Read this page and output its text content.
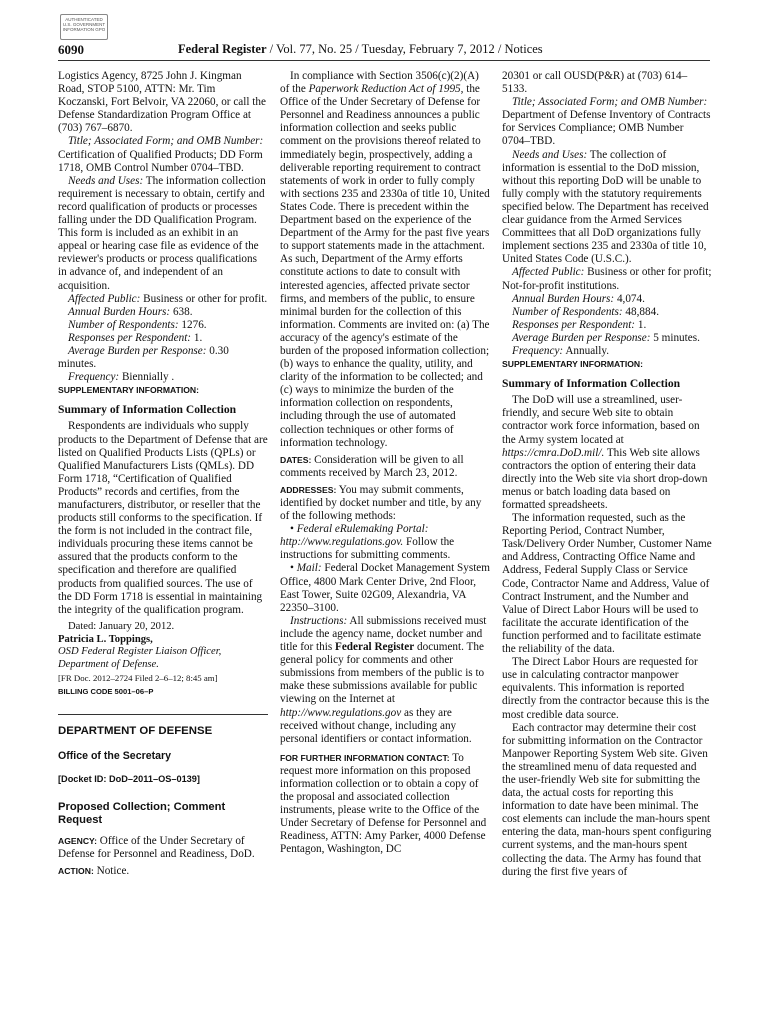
AUTHENTICATED U.S. GOVERNMENT INFORMATION GPO
6090	Federal Register / Vol. 77, No. 25 / Tuesday, February 7, 2012 / Notices

Logistics Agency, 8725 John J. Kingman Road, STOP 5100, ATTN: Mr. Tim Koczanski, Fort Belvoir, VA 22060, or call the Defense Standardization Program Office at (703) 767–6870.

Title; Associated Form; and OMB Number: Certification of Qualified Products; DD Form 1718, OMB Control Number 0704–TBD.

Needs and Uses: The information collection requirement is necessary to obtain, certify and record qualification of products or processes falling under the DD Qualification Program. This form is included as an exhibit in an appeal or hearing case file as evidence of the reviewer's products or process qualifications in advance of, and independent of an acquisition.

Affected Public: Business or other for profit.

Annual Burden Hours: 638.

Number of Respondents: 1276.

Responses per Respondent: 1.

Average Burden per Response: 0.30 minutes.

Frequency: Biennially .

SUPPLEMENTARY INFORMATION:

Summary of Information Collection

Respondents are individuals who supply products to the Department of Defense that are listed on Qualified Products Lists (QPLs) or Qualified Manufacturers Lists (QMLs). DD Form 1718, “Certification of Qualified Products” records and certifies, from the manufacturers, distributor, or reseller that the products still conforms to the specification. If the form is not included in the contract file, individuals procuring these items cannot be assured that the products conform to the specification and therefore are qualified products from qualified sources. The use of the DD Form 1718 is essential in maintaining the integrity of the qualification program.

Dated: January 20, 2012.

Patricia L. Toppings,

OSD Federal Register Liaison Officer, Department of Defense.

[FR Doc. 2012–2724 Filed 2–6–12; 8:45 am]

BILLING CODE 5001–06–P

DEPARTMENT OF DEFENSE

Office of the Secretary

[Docket ID: DoD–2011–OS–0139]

Proposed Collection; Comment Request

AGENCY: Office of the Under Secretary of Defense for Personnel and Readiness, DoD.

ACTION: Notice.

In compliance with Section 3506(c)(2)(A) of the Paperwork Reduction Act of 1995, the Office of the Under Secretary of Defense for Personnel and Readiness announces a public information collection and seeks public comment on the provisions thereof related to immediately begin, prospectively, adding a deliverable reporting requirement to contract statements of work in order to fully comply with sections 235 and 2330a of title 10, United States Code. There is precedent within the Department based on the experience of the Department of the Army for the past five years to support statements made in the attachment. As such, Department of the Army efforts constitute actions to date to consult with interested agencies, affected private sector firms, and members of the public, to ensure minimal burden for the collection of this information. Comments are invited on: (a) The accuracy of the agency's estimate of the burden of the proposed information collection; (b) ways to enhance the quality, utility, and clarity of the information to be collected; and (c) ways to minimize the burden of the information collection on respondents, including through the use of automated collection techniques or other forms of information technology.

DATES: Consideration will be given to all comments received by March 23, 2012.

ADDRESSES: You may submit comments, identified by docket number and title, by any of the following methods:

• Federal eRulemaking Portal: http://www.regulations.gov. Follow the instructions for submitting comments.

• Mail: Federal Docket Management System Office, 4800 Mark Center Drive, 2nd Floor, East Tower, Suite 02G09, Alexandria, VA 22350–3100.

Instructions: All submissions received must include the agency name, docket number and title for this Federal Register document. The general policy for comments and other submissions from members of the public is to make these submissions available for public viewing on the Internet at http://www.regulations.gov as they are received without change, including any personal identifiers or contact information.

FOR FURTHER INFORMATION CONTACT: To request more information on this proposed information collection or to obtain a copy of the proposal and associated collection instruments, please write to the Office of the Under Secretary of Defense for Personnel and Readiness, ATTN: Amy Parker, 4000 Defense Pentagon, Washington, DC

20301 or call OUSD(P&R) at (703) 614–5133.

Title; Associated Form; and OMB Number: Department of Defense Inventory of Contracts for Services Compliance; OMB Number 0704–TBD.

Needs and Uses: The collection of information is essential to the DoD mission, without this reporting DoD will be unable to fully comply with the statutory requirements specified below. The Department has received clear guidance from the Armed Services Committees that all DoD organizations fully implement sections 235 and 2330a of title 10, United States Code (U.S.C.).

Affected Public: Business or other for profit; Not-for-profit institutions.

Annual Burden Hours: 4,074.

Number of Respondents: 48,884.

Responses per Respondent: 1.

Average Burden per Response: 5 minutes.

Frequency: Annually.

SUPPLEMENTARY INFORMATION:

Summary of Information Collection

The DoD will use a streamlined, user-friendly, and secure Web site to obtain contractor work force information, based on the Army system located at https://cmra.DoD.mil/. This Web site allows contractors the option of entering their data directly into the Web site via short drop-down menus or batch loading data based on formatted spreadsheets.

The information requested, such as the Reporting Period, Contract Number, Task/Delivery Order Number, Customer Name and Address, Contracting Office Name and Address, Federal Supply Class or Service Code, Contractor Name and Address, Value of Contract Instrument, and the Number and Value of Direct Labor Hours will be used to facilitate the accurate identification of the function performed and to facilitate estimate the reliability of the data.

The Direct Labor Hours are requested for use in calculating contractor manpower equivalents. This information is reported directly from the contractor because this is the most credible data source.

Each contractor may determine their cost for submitting information on the Contractor Manpower Reporting System Web site. Given the streamlined menu of data requested and the user-friendly Web site for submitting the data, the actual costs for reporting this information to date have been minimal. The cost elements can include the man-hours spent entering the data, man-hours spent configuring current systems, and the man-hours spent collecting the data. The Army has found that during the first five years of
